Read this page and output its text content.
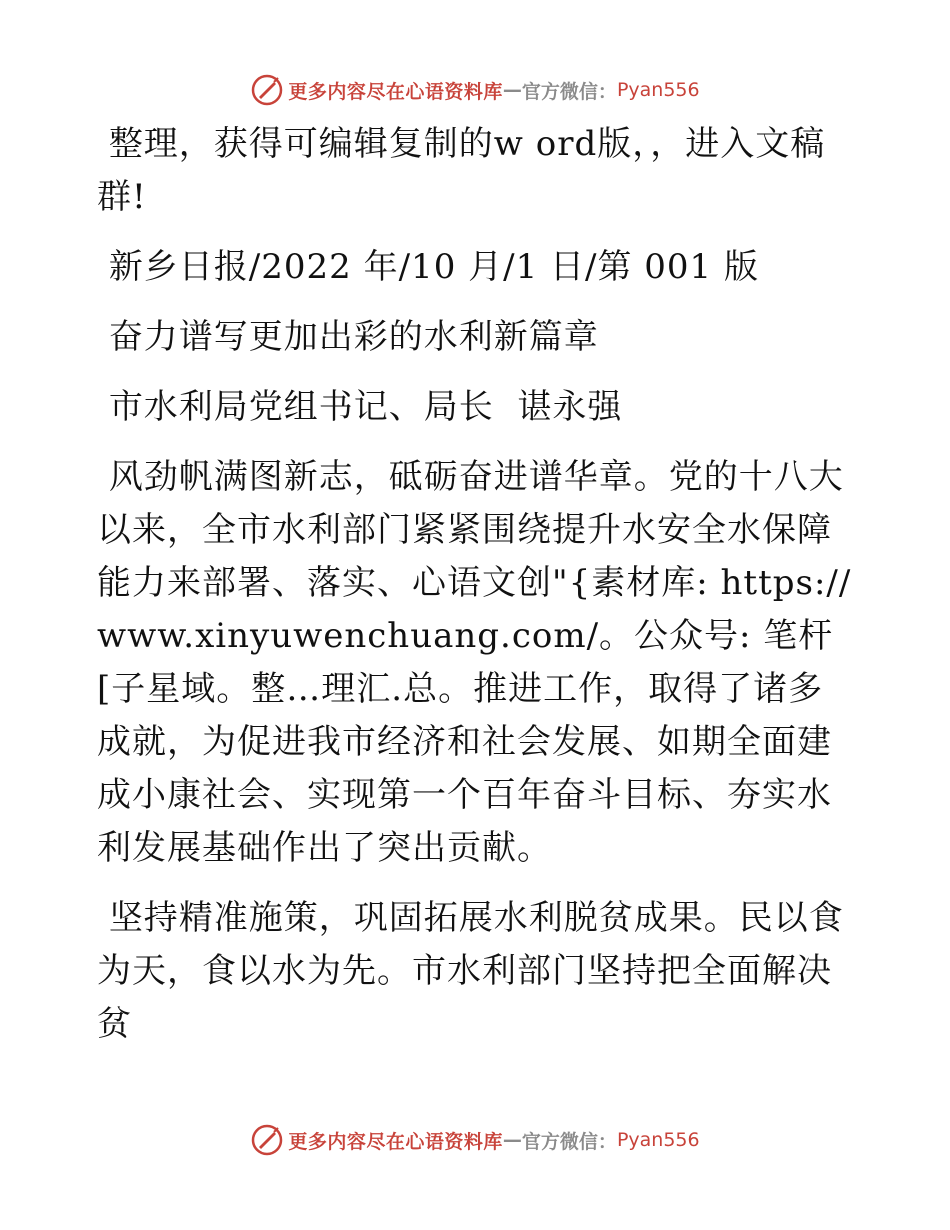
更多内容尽在心语资料库 — 官方微信： Pyan556

整理，获得可编辑复制的w ord版，，进入文稿群!

新乡日报/2022 年/10 月/1 日/第 001 版

奋力谱写更加出彩的水利新篇章

市水利局党组书记、局长  谌永强

风劲帆满图新志，砥砺奋进谱华章。党的十八大以来，全市水利部门紧紧围绕提升水安全水保障能力来部署、落实、心语文创"{素材库: https:// www.xinyuwenchuang.com/。公众号: 笔杆[子星域。整…理汇.总。推进工作，取得了诸多成就，为促进我市经济和社会发展、如期全面建成小康社会、实现第一个百年奋斗目标、夯实水利发展基础作出了突出贡献。

坚持精准施策，巩固拓展水利脱贫成果。民以食为天，食以水为先。市水利部门坚持把全面解决贫

更多内容尽在心语资料库 — 官方微信： Pyan556
